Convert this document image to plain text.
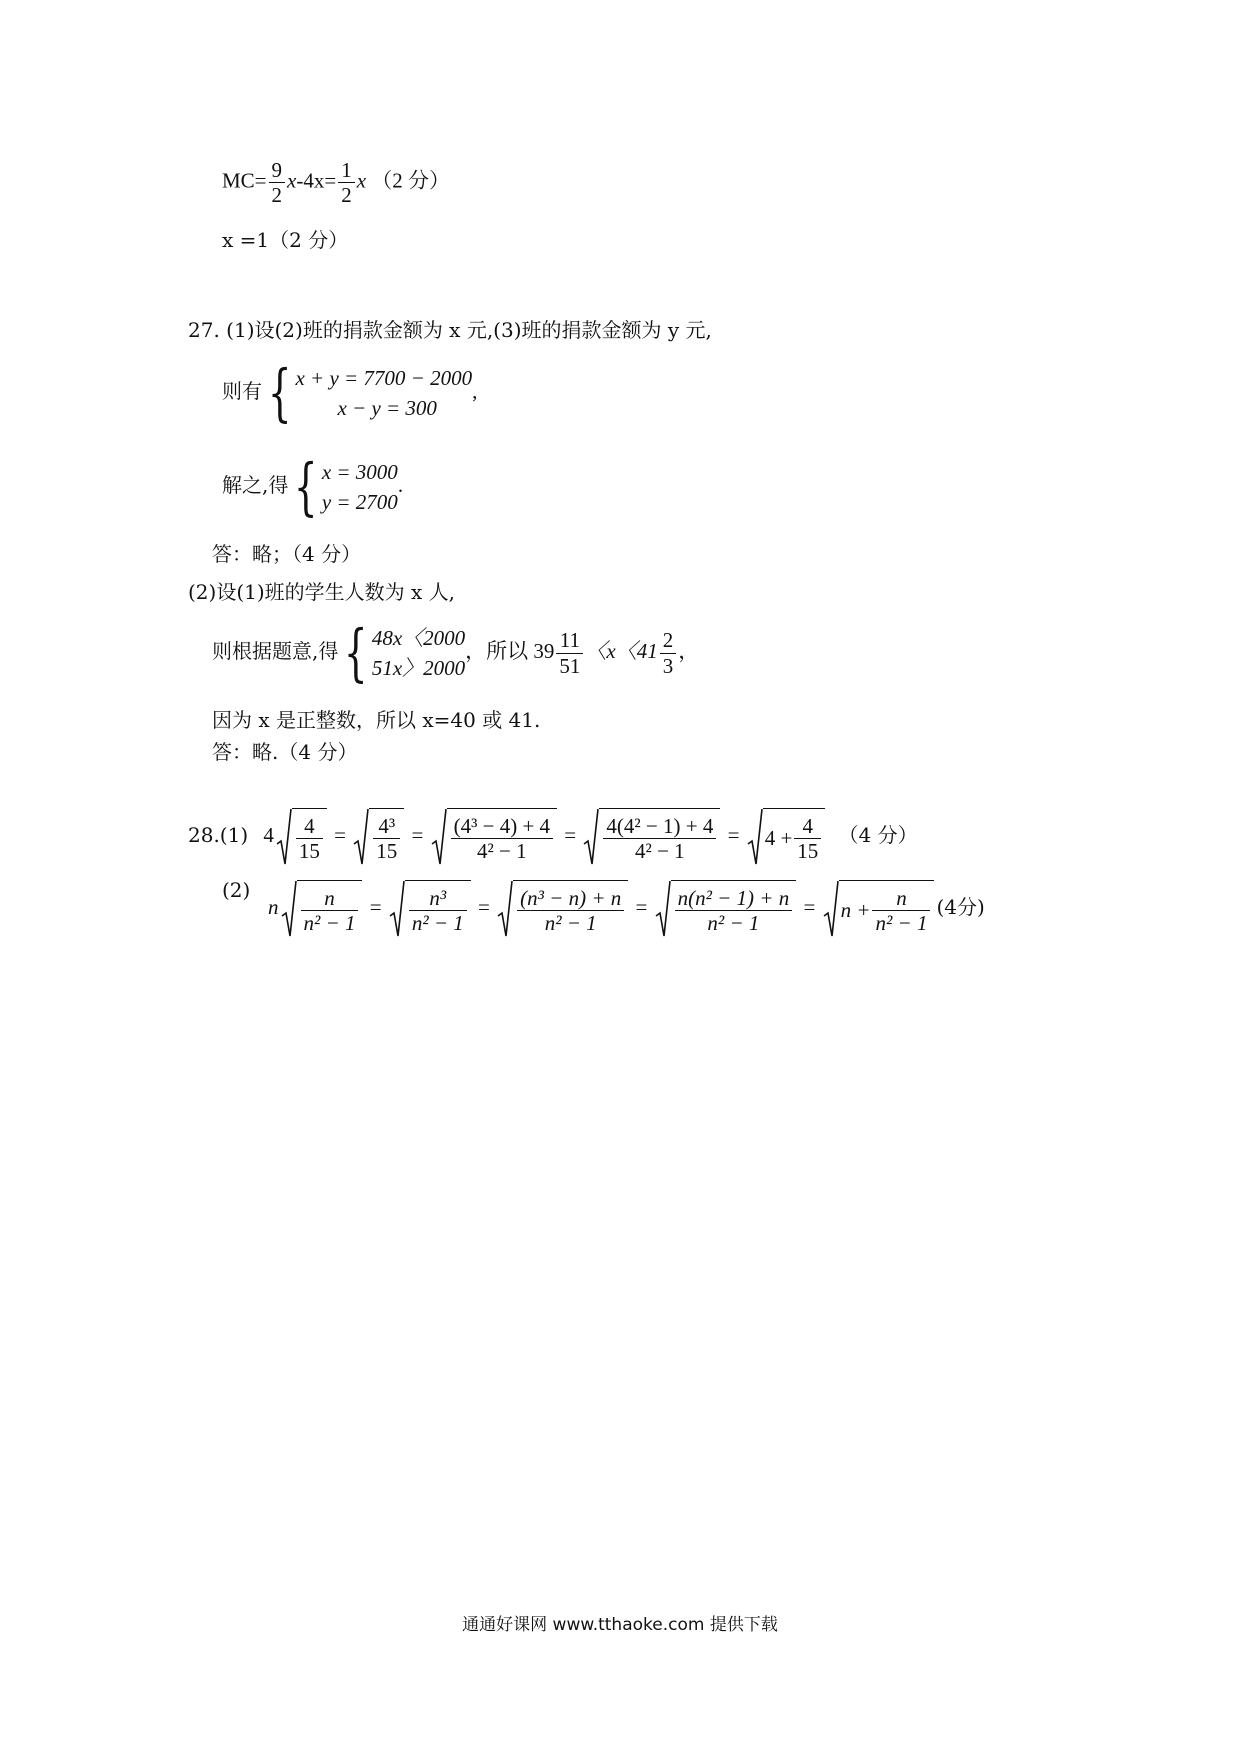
$MC= \frac{9}{2} x-4x= \frac{1}{2}$ x （2 分）
x =1（2 分）
27. (1)设(2)班的捐款金额为 x 元,(3)班的捐款金额为 y 元,
则有{ x + y = 7700 − 2000
x − y = 300
,
解之,得{ x = 3000
y = 2700
.
答：略；（4 分）
(2)设(1)班的学生人数为 x 人,
则根据题意,得{ 48x〈2000
51x〉2000
，所以 $39 \frac{11}{51}$ 〈x〈$41 \frac{2}{3}$ ，
因为 x 是正整数，所以 x=40 或 41.
答：略.（4 分）
28.(1) $4 \frac{4}{15} = \frac{\text{4³}}{15} = \frac{\text{(4³ − 4) + 4}}{\text{4² − 1}} = \frac{\text{4(4² − 1) + 4}}{\text{4² − 1}} = 4 + \frac{4}{15} (4$ 分）
(2)
n $\frac{n}{\text{n² − 1}} = \frac{\text{n³}}{\text{n² − 1}} = \frac{\text{(n³ − n) + n}}{\text{n² − 1}} = \frac{\text{n(n² − 1) + n}}{\text{n² − 1}} = n + \frac{n}{\text{n² − 1}} (4$分)
通通好课网 www.tthaoke.com 提供下载
